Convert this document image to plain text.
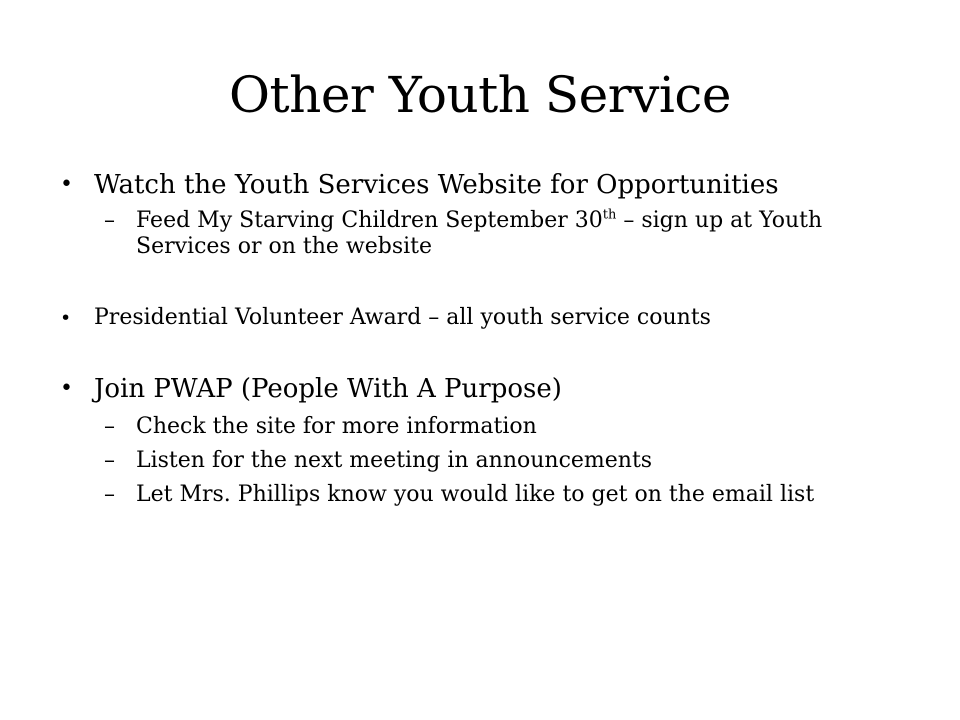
Other Youth Service
• Watch the Youth Services Website for Opportunities
– Feed My Starving Children September 30th – sign up at Youth Services or on the website
• Presidential Volunteer Award – all youth service counts
• Join PWAP (People With A Purpose)
– Check the site for more information
– Listen for the next meeting in announcements
– Let Mrs. Phillips know you would like to get on the email list
